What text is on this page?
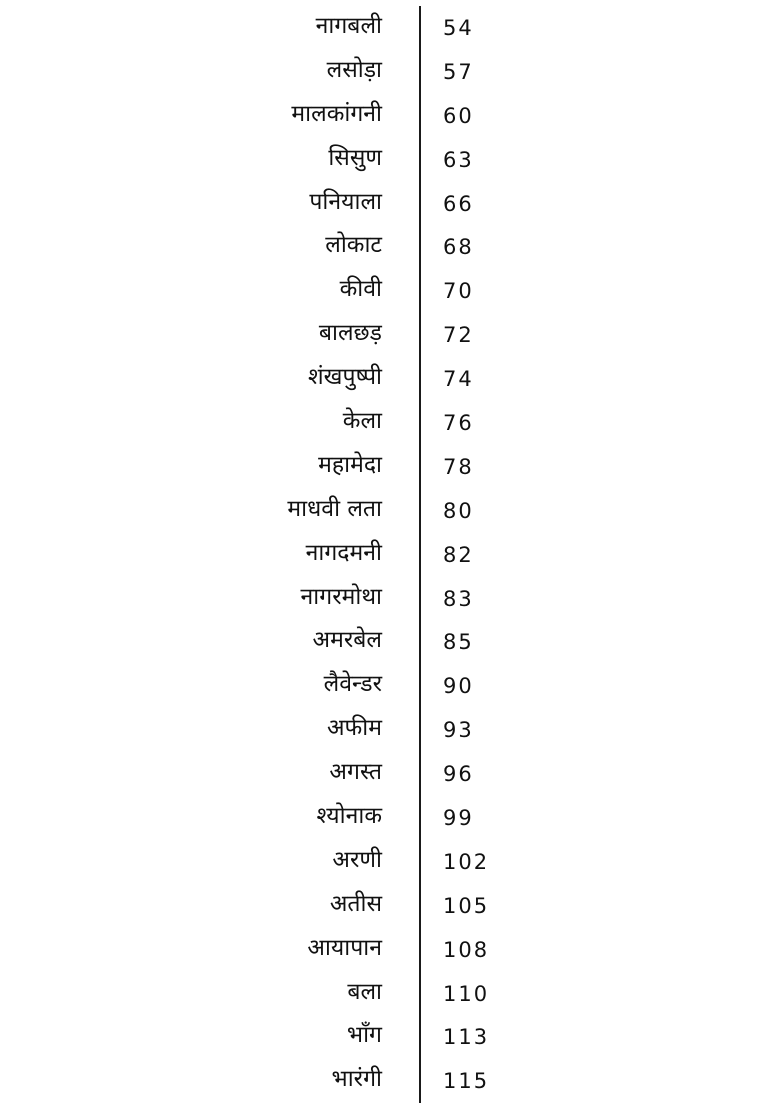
नागबली	54
लसोड़ा	57
मालकांगनी	60
सिसुण	63
पनियाला	66
लोकाट	68
कीवी	70
बालछड़	72
शंखपुष्पी	74
केला	76
महामेदा	78
माधवी लता	80
नागदमनी	82
नागरमोथा	83
अमरबेल	85
लैवेन्डर	90
अफीम	93
अगस्त	96
श्योनाक	99
अरणी	102
अतीस	105
आयापान	108
बला	110
भाँग	113
भारंगी	115
